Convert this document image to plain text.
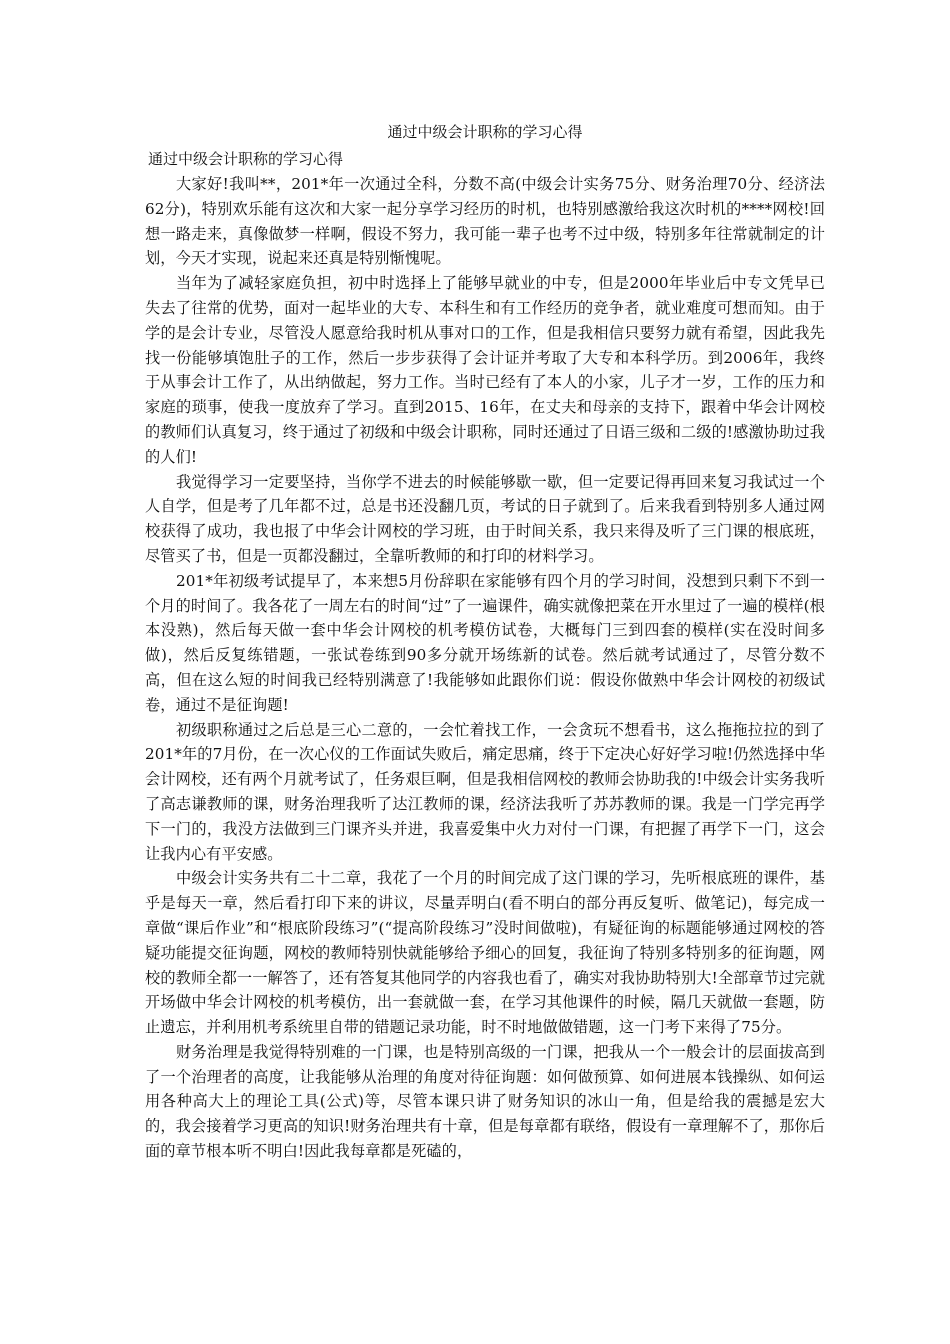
通过中级会计职称的学习心得
通过中级会计职称的学习心得

大家好!我叫**，201*年一次通过全科，分数不高(中级会计实务75分、财务治理70分、经济法62分)，特别欢乐能有这次和大家一起分享学习经历的时机，也特别感激给我这次时机的****网校!回想一路走来，真像做梦一样啊，假设不努力，我可能一辈子也考不过中级，特别多年往常就制定的计划，今天才实现，说起来还真是特别惭愧呢。

当年为了减轻家庭负担，初中时选择上了能够早就业的中专，但是2000年毕业后中专文凭早已失去了往常的优势，面对一起毕业的大专、本科生和有工作经历的竞争者，就业难度可想而知。由于学的是会计专业，尽管没人愿意给我时机从事对口的工作，但是我相信只要努力就有希望，因此我先找一份能够填饱肚子的工作，然后一步步获得了会计证并考取了大专和本科学历。到2006年，我终于从事会计工作了，从出纳做起，努力工作。当时已经有了本人的小家，儿子才一岁，工作的压力和家庭的琐事，使我一度放弃了学习。直到2015、16年，在丈夫和母亲的支持下，跟着中华会计网校的教师们认真复习，终于通过了初级和中级会计职称，同时还通过了日语三级和二级的!感激协助过我的人们!

我觉得学习一定要坚持，当你学不进去的时候能够歇一歇，但一定要记得再回来复习我试过一个人自学，但是考了几年都不过，总是书还没翻几页，考试的日子就到了。后来我看到特别多人通过网校获得了成功，我也报了中华会计网校的学习班，由于时间关系，我只来得及听了三门课的根底班，尽管买了书，但是一页都没翻过，全靠听教师的和打印的材料学习。

201*年初级考试提早了，本来想5月份辞职在家能够有四个月的学习时间，没想到只剩下不到一个月的时间了。我各花了一周左右的时间“过”了一遍课件，确实就像把菜在开水里过了一遍的模样(根本没熟)，然后每天做一套中华会计网校的机考模仿试卷，大概每门三到四套的模样(实在没时间多做)，然后反复练错题，一张试卷练到90多分就开场练新的试卷。然后就考试通过了，尽管分数不高，但在这么短的时间我已经特别满意了!我能够如此跟你们说：假设你做熟中华会计网校的初级试卷，通过不是征询题!

初级职称通过之后总是三心二意的，一会忙着找工作，一会贪玩不想看书，这么拖拖拉拉的到了201*年的7月份，在一次心仪的工作面试失败后，痛定思痛，终于下定决心好好学习啦!仍然选择中华会计网校，还有两个月就考试了，任务艰巨啊，但是我相信网校的教师会协助我的!中级会计实务我听了高志谦教师的课，财务治理我听了达江教师的课，经济法我听了苏苏教师的课。我是一门学完再学下一门的，我没方法做到三门课齐头并进，我喜爱集中火力对付一门课，有把握了再学下一门，这会让我内心有平安感。

中级会计实务共有二十二章，我花了一个月的时间完成了这门课的学习，先听根底班的课件，基乎是每天一章，然后看打印下来的讲议，尽量弄明白(看不明白的部分再反复听、做笔记)，每完成一章做“课后作业”和“根底阶段练习”(“提高阶段练习”没时间做啦)，有疑征询的标题能够通过网校的答疑功能提交征询题，网校的教师特别快就能够给予细心的回复，我征询了特别多特别多的征询题，网校的教师全都一一解答了，还有答复其他同学的内容我也看了，确实对我协助特别大!全部章节过完就开场做中华会计网校的机考模仿，出一套就做一套，在学习其他课件的时候，隔几天就做一套题，防止遗忘，并利用机考系统里自带的错题记录功能，时不时地做做错题，这一门考下来得了75分。

财务治理是我觉得特别难的一门课，也是特别高级的一门课，把我从一个一般会计的层面拔高到了一个治理者的高度，让我能够从治理的角度对待征询题：如何做预算、如何进展本钱操纵、如何运用各种高大上的理论工具(公式)等，尽管本课只讲了财务知识的冰山一角，但是给我的震撼是宏大的，我会接着学习更高的知识!财务治理共有十章，但是每章都有联络，假设有一章理解不了，那你后面的章节根本听不明白!因此我每章都是死磕的，
